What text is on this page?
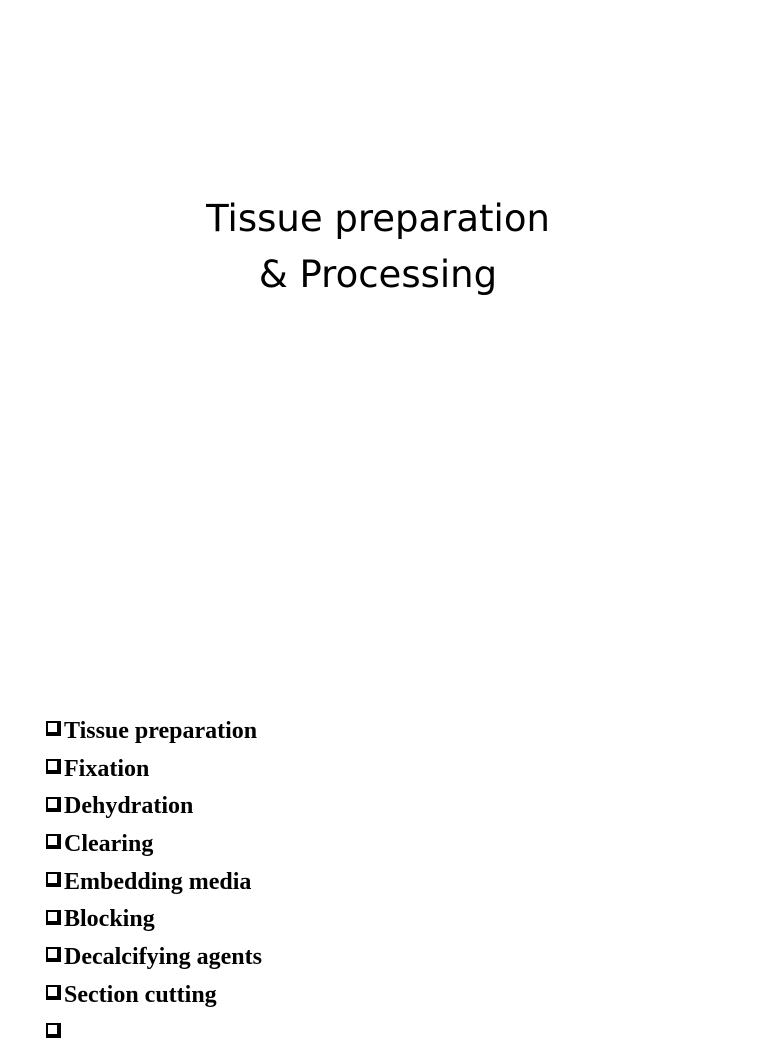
Tissue preparation
& Processing
Tissue preparation
Fixation
Dehydration
Clearing
Embedding media
Blocking
Decalcifying agents
Section cutting
